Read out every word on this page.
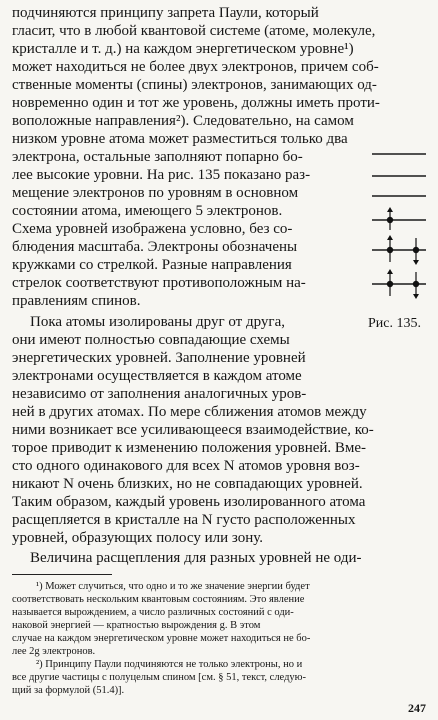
подчиняются принципу запрета Паули, который
гласит, что в любой квантовой системе (атоме, молекуле,
кристалле и т. д.) на каждом энергетическом уровне¹)
может находиться не более двух электронов, причем соб-
ственные моменты (спины) электронов, занимающих од-
новременно один и тот же уровень, должны иметь проти-
воположные направления²). Следовательно, на самом
низком уровне атома может разместиться только два
электрона, остальные заполняют попарно бо-
лее высокие уровни. На рис. 135 показано раз-
мещение электронов по уровням в основном
состоянии атома, имеющего 5 электронов.
Схема уровней изображена условно, без со-
блюдения масштаба. Электроны обозначены
кружками со стрелкой. Разные направления
стрелок соответствуют противоположным на-
правлениям спинов.
Пока атомы изолированы друг от друга,
они имеют полностью совпадающие схемы
энергетических уровней. Заполнение уровней
электронами осуществляется в каждом атоме
независимо от заполнения аналогичных уров-
ней в других атомах. По мере сближения атомов между
ними возникает все усиливающееся взаимодействие, ко-
торое приводит к изменению положения уровней. Вме-
сто одного одинакового для всех N атомов уровня воз-
никают N очень близких, но не совпадающих уровней.
Таким образом, каждый уровень изолированного атома
расщепляется в кристалле на N густо расположенных
уровней, образующих полосу или зону.
Величина расщепления для разных уровней не оди-
Рис. 135.
¹) Может случиться, что одно и то же значение энергии будет
соответствовать нескольким квантовым состояниям. Это явление
называется вырождением, а число различных состояний с оди-
наковой энергией — кратностью вырождения g. В этом
случае на каждом энергетическом уровне может находиться не бо-
лее 2g электронов.
²) Принципу Паули подчиняются не только электроны, но и
все другие частицы с полуцелым спином [см. § 51, текст, следую-
щий за формулой (51.4)].
247
